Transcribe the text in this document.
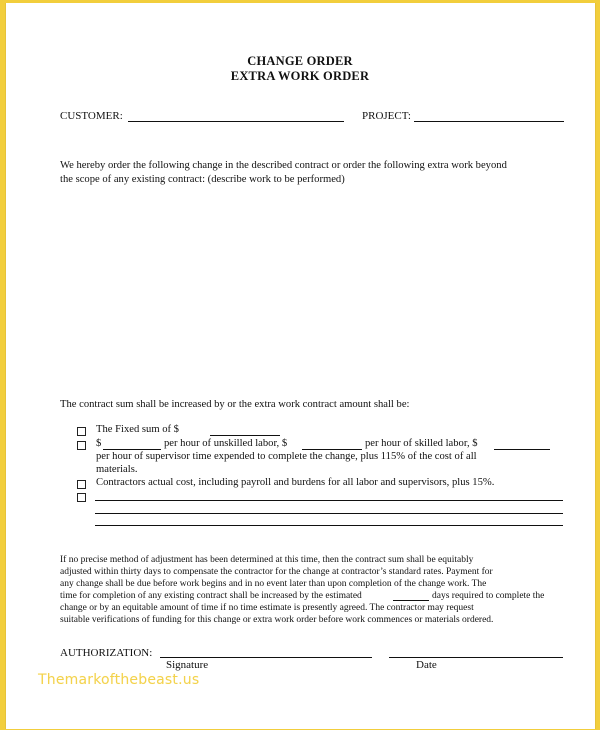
CHANGE ORDER
EXTRA WORK ORDER
CUSTOMER:	PROJECT:
We hereby order the following change in the described contract or order the following extra work beyond
the scope of any existing contract: (describe work to be performed)
The contract sum shall be increased by or the extra work contract amount shall be:
The Fixed sum of $
$	per hour of unskilled labor, $	per hour of skilled labor, $
per hour of supervisor time expended to complete the change, plus 115% of the cost of all
materials.
Contractors actual cost, including payroll and burdens for all labor and supervisors, plus 15%.
If no precise method of adjustment has been determined at this time, then the contract sum shall be equitably
adjusted within thirty days to compensate the contractor for the change at contractor’s standard rates. Payment for
any change shall be due before work begins and in no event later than upon completion of the change work. The
time for completion of any existing contract shall be increased by the estimated	days required to complete the
change or by an equitable amount of time if no time estimate is presently agreed. The contractor may request
suitable verifications of funding for this change or extra work order before work commences or materials ordered.
AUTHORIZATION:
Signature	Date
Themarkofthebeast.us
